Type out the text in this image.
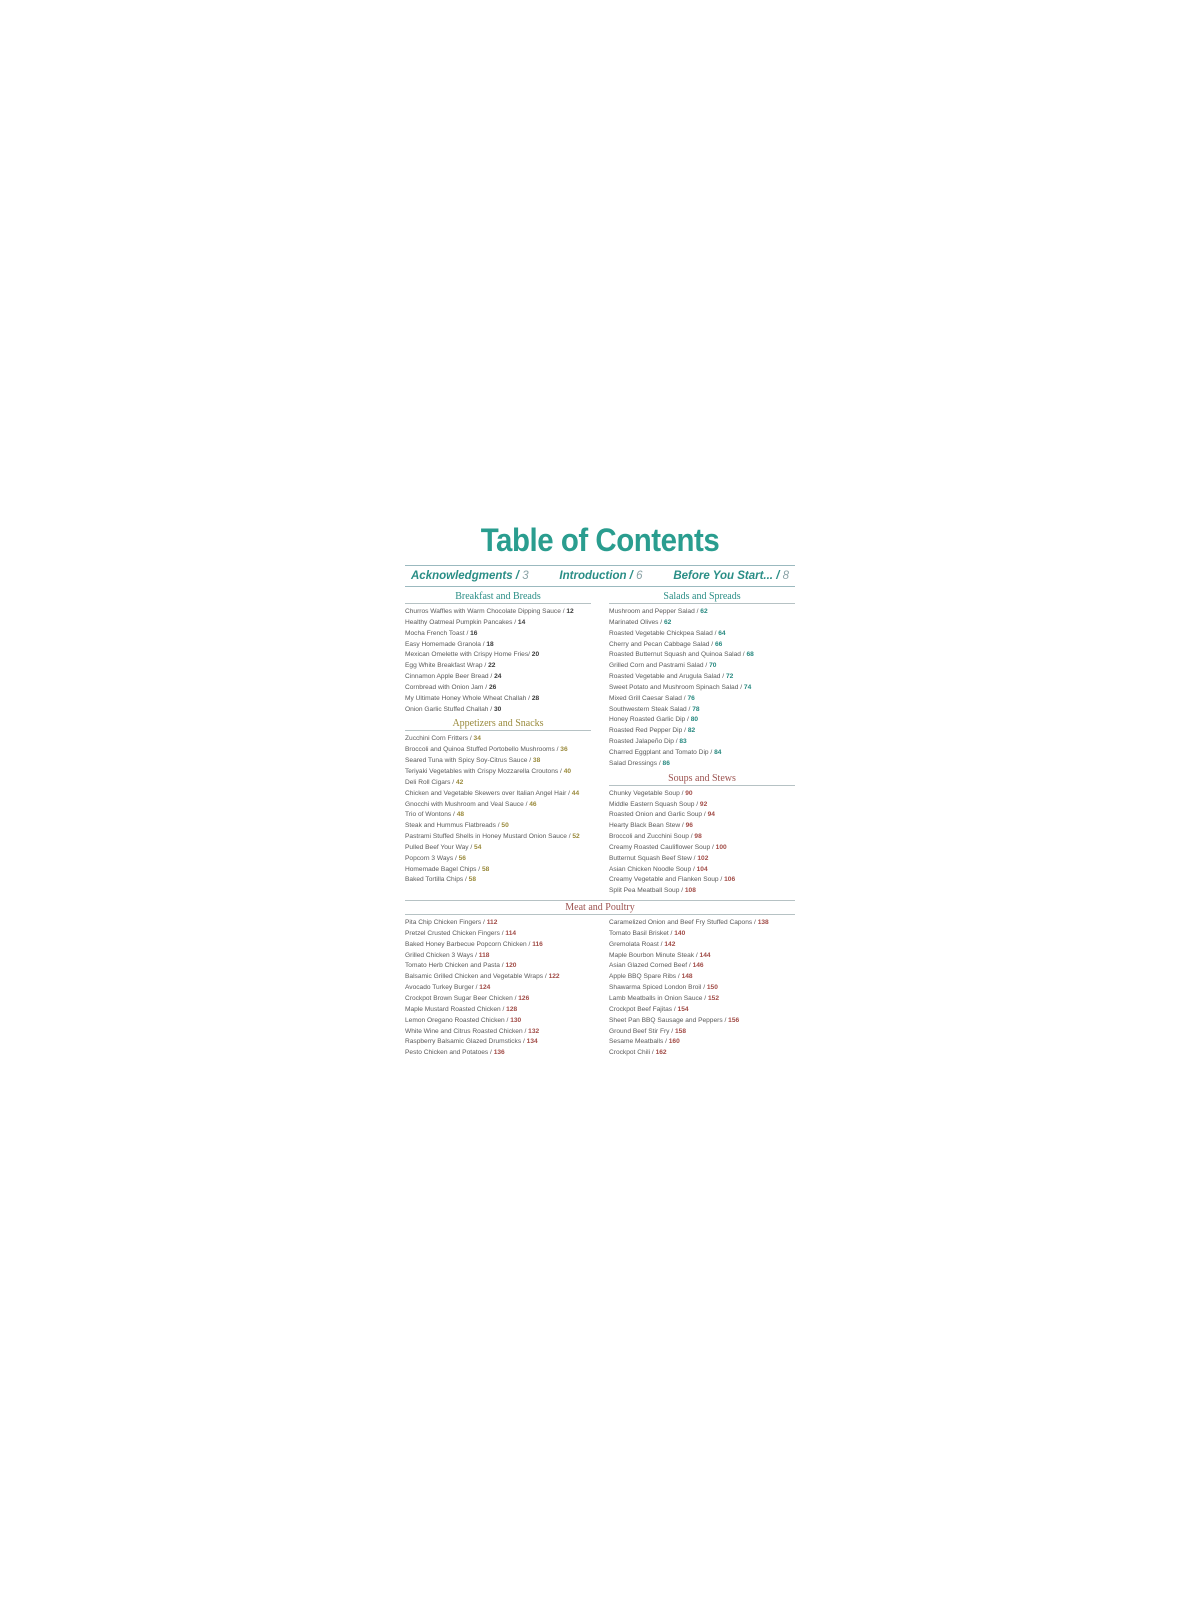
Table of Contents
Acknowledgments / 3	Introduction / 6	Before You Start... / 8
Breakfast and Breads
Churros Waffles with Warm Chocolate Dipping Sauce / 12
Healthy Oatmeal Pumpkin Pancakes / 14
Mocha French Toast / 16
Easy Homemade Granola / 18
Mexican Omelette with Crispy Home Fries/ 20
Egg White Breakfast Wrap / 22
Cinnamon Apple Beer Bread / 24
Cornbread with Onion Jam / 26
My Ultimate Honey Whole Wheat Challah / 28
Onion Garlic Stuffed Challah / 30
Appetizers and Snacks
Zucchini Corn Fritters / 34
Broccoli and Quinoa Stuffed Portobello Mushrooms / 36
Seared Tuna with Spicy Soy-Citrus Sauce / 38
Teriyaki Vegetables with Crispy Mozzarella Croutons / 40
Deli Roll Cigars / 42
Chicken and Vegetable Skewers over Italian Angel Hair / 44
Gnocchi with Mushroom and Veal Sauce / 46
Trio of Wontons / 48
Steak and Hummus Flatbreads / 50
Pastrami Stuffed Shells in Honey Mustard Onion Sauce / 52
Pulled Beef Your Way / 54
Popcorn 3 Ways / 56
Homemade Bagel Chips / 58
Baked Tortilla Chips / 58
Salads and Spreads
Mushroom and Pepper Salad / 62
Marinated Olives / 62
Roasted Vegetable Chickpea Salad / 64
Cherry and Pecan Cabbage Salad / 66
Roasted Butternut Squash and Quinoa Salad / 68
Grilled Corn and Pastrami Salad / 70
Roasted Vegetable and Arugula Salad / 72
Sweet Potato and Mushroom Spinach Salad / 74
Mixed Grill Caesar Salad / 76
Southwestern Steak Salad / 78
Honey Roasted Garlic Dip / 80
Roasted Red Pepper Dip / 82
Roasted Jalapeño Dip / 83
Charred Eggplant and Tomato Dip / 84
Salad Dressings / 86
Soups and Stews
Chunky Vegetable Soup / 90
Middle Eastern Squash Soup / 92
Roasted Onion and Garlic Soup / 94
Hearty Black Bean Stew / 96
Broccoli and Zucchini Soup / 98
Creamy Roasted Cauliflower Soup / 100
Butternut Squash Beef Stew / 102
Asian Chicken Noodle Soup / 104
Creamy Vegetable and Flanken Soup / 106
Split Pea Meatball Soup / 108
Meat and Poultry
Pita Chip Chicken Fingers / 112
Pretzel Crusted Chicken Fingers / 114
Baked Honey Barbecue Popcorn Chicken / 116
Grilled Chicken 3 Ways / 118
Tomato Herb Chicken and Pasta / 120
Balsamic Grilled Chicken and Vegetable Wraps / 122
Avocado Turkey Burger / 124
Crockpot Brown Sugar Beer Chicken / 126
Maple Mustard Roasted Chicken / 128
Lemon Oregano Roasted Chicken / 130
White Wine and Citrus Roasted Chicken / 132
Raspberry Balsamic Glazed Drumsticks / 134
Pesto Chicken and Potatoes / 136
Caramelized Onion and Beef Fry Stuffed Capons / 138
Tomato Basil Brisket / 140
Gremolata Roast / 142
Maple Bourbon Minute Steak / 144
Asian Glazed Corned Beef / 146
Apple BBQ Spare Ribs / 148
Shawarma Spiced London Broil / 150
Lamb Meatballs in Onion Sauce / 152
Crockpot Beef Fajitas / 154
Sheet Pan BBQ Sausage and Peppers / 156
Ground Beef Stir Fry / 158
Sesame Meatballs / 160
Crockpot Chili / 162
